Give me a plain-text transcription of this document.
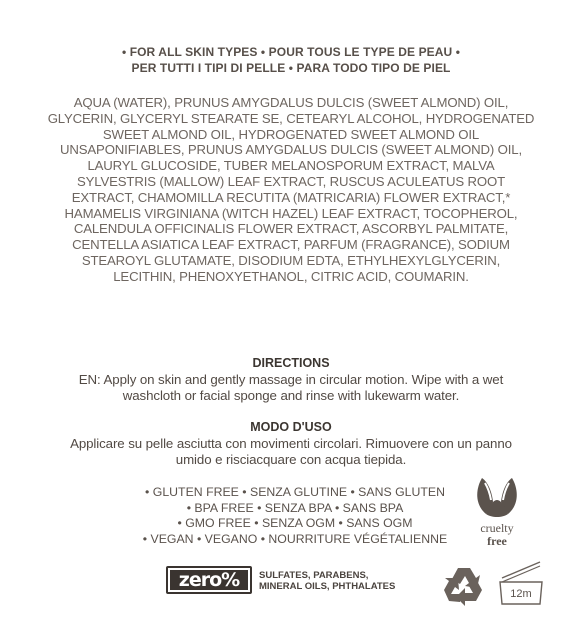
• FOR ALL SKIN TYPES • POUR TOUS LE TYPE DE PEAU •
PER TUTTI I TIPI DI PELLE • PARA TODO TIPO DE PIEL
AQUA (WATER), PRUNUS AMYGDALUS DULCIS (SWEET ALMOND) OIL,
GLYCERIN, GLYCERYL STEARATE SE, CETEARYL ALCOHOL, HYDROGENATED
SWEET ALMOND OIL, HYDROGENATED SWEET ALMOND OIL
UNSAPONIFIABLES, PRUNUS AMYGDALUS DULCIS (SWEET ALMOND) OIL,
LAURYL GLUCOSIDE, TUBER MELANOSPORUM EXTRACT, MALVA
SYLVESTRIS (MALLOW) LEAF EXTRACT, RUSCUS ACULEATUS ROOT
EXTRACT, CHAMOMILLA RECUTITA (MATRICARIA) FLOWER EXTRACT,*
HAMAMELIS VIRGINIANA (WITCH HAZEL) LEAF EXTRACT, TOCOPHEROL,
CALENDULA OFFICINALIS FLOWER EXTRACT, ASCORBYL PALMITATE,
CENTELLA ASIATICA LEAF EXTRACT, PARFUM (FRAGRANCE), SODIUM
STEAROYL GLUTAMATE, DISODIUM EDTA, ETHYLHEXYLGLYCERIN,
LECITHIN, PHENOXYETHANOL, CITRIC ACID, COUMARIN.
DIRECTIONS
EN: Apply on skin and gently massage in circular motion. Wipe with a wet
washcloth or facial sponge and rinse with lukewarm water.
MODO D'USO
Applicare su pelle asciutta con movimenti circolari. Rimuovere con un panno
umido e risciacquare con acqua tiepida.
• GLUTEN FREE • SENZA GLUTINE • SANS GLUTEN
• BPA FREE • SENZA BPA • SANS BPA
• GMO FREE • SENZA OGM • SANS OGM
• VEGAN • VEGANO • NOURRITURE VÉGÉTALIENNE
cruelty
free
zero%	SULFATES, PARABENS,
MINERAL OILS, PHTHALATES
12m
